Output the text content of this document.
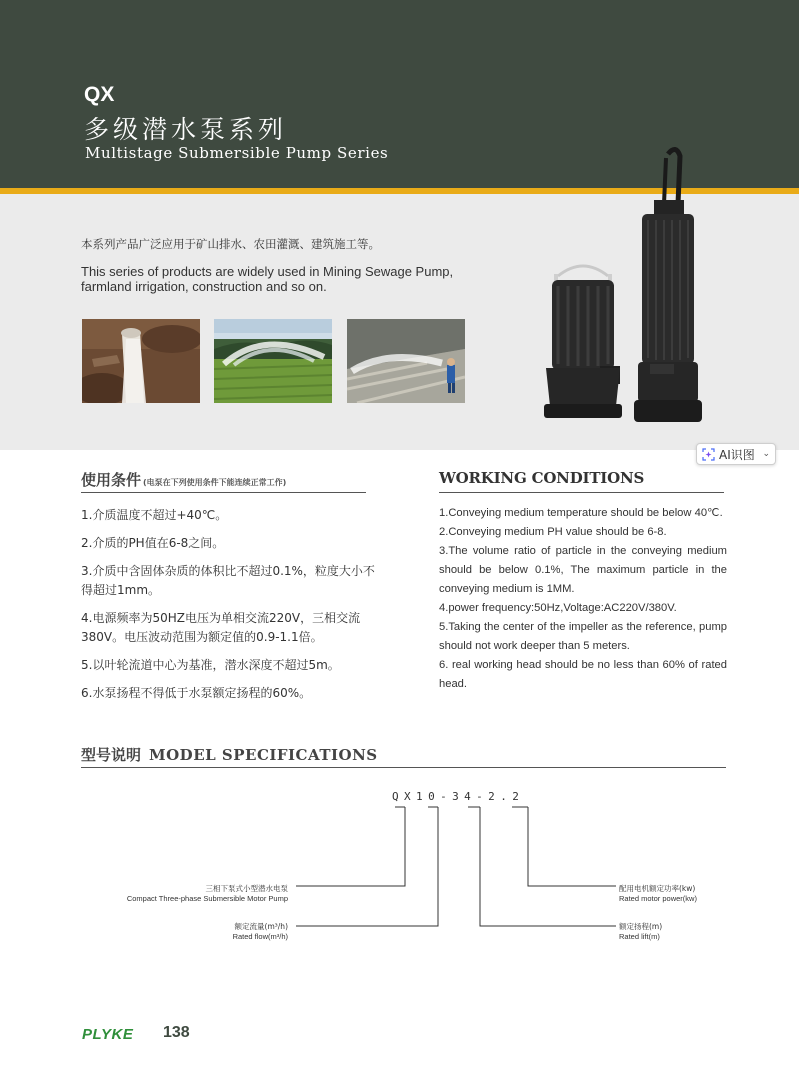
QX
多级潜水泵系列
Multistage Submersible Pump Series
本系列产品广泛应用于矿山排水、农田灌溉、建筑施工等。
This series of products are widely used in Mining Sewage Pump, farmland irrigation, construction and so on.
AI识图 ⌄
使用条件 (电泵在下列使用条件下能连续正常工作)	WORKING CONDITIONS

1.介质温度不超过+40℃。

2.介质的PH值在6-8之间。

3.介质中含固体杂质的体积比不超过0.1%，粒度大小不得超过1mm。

4.电源频率为50HZ电压为单相交流220V，三相交流380V。电压波动范围为额定值的0.9-1.1倍。

5.以叶轮流道中心为基准，潜水深度不超过5m。

6.水泵扬程不得低于水泵额定扬程的60%。

1.Conveying medium temperature should be below 40℃.

2.Conveying medium PH value should be 6-8.

3.The volume ratio of particle in the conveying medium should be below 0.1%, The maximum particle in the conveying medium is 1MM.

4.power frequency:50Hz,Voltage:AC220V/380V.

5.Taking the center of the impeller as the reference, pump should not work deeper than 5 meters.

6. real working head should be no less than 60% of rated head.

型号说明 MODEL SPECIFICATIONS
QX10-34-2.2
三相下泵式小型潜水电泵
Compact Three-phase Submersible Motor Pump
额定流量(m³/h)
Rated flow(m³/h)
额定扬程(m)
Rated lift(m)
配用电机额定功率(kw)
Rated motor power(kw)
PLYKE 138
